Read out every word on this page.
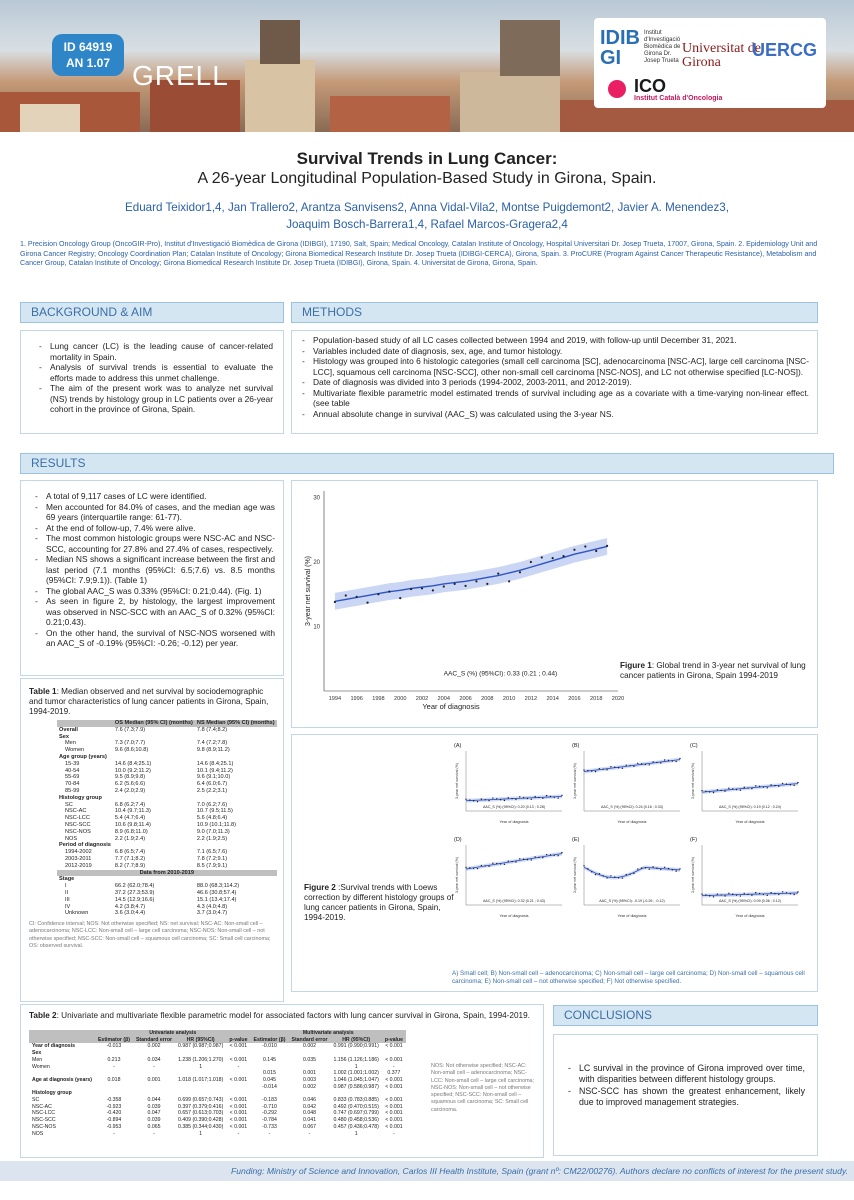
ID 64919
AN 1.07 GRELL
IDIB GI
Institut d'Investigació Biomèdica de Girona Dr. Josep Trueta
Universitat de Girona
UERCG
ICO
Institut Català d'Oncologia
Survival Trends in Lung Cancer:
A 26-year Longitudinal Population-Based Study in Girona, Spain.
Eduard Teixidor1,4, Jan Trallero2, Arantza Sanvisens2, Anna Vidal-Vila2, Montse Puigdemont2, Javier A. Menendez3,
Joaquim Bosch-Barrera1,4, Rafael Marcos-Gragera2,4
1. Precision Oncology Group (OncoGIR-Pro), Institut d'Investigació Biomèdica de Girona (IDIBGI), 17190, Salt, Spain; Medical Oncology, Catalan Institute of Oncology, Hospital Universitari Dr. Josep Trueta, 17007, Girona, Spain. 2. Epidemiology Unit and Girona Cancer Registry; Oncology Coordination Plan; Catalan Institute of Oncology; Girona Biomedical Research Institute Dr. Josep Trueta (IDIBGI-CERCA), Girona, Spain. 3. ProCURE (Program Against Cancer Therapeutic Resistance), Metabolism and Cancer Group, Catalan Institute of Oncology; Girona Biomedical Research Institute Dr. Josep Trueta (IDIBGI), Girona, Spain. 4. Universitat de Girona, Girona, Spain.
BACKGROUND & AIM
- Lung cancer (LC) is the leading cause of cancer-related mortality in Spain.
- Analysis of survival trends is essential to evaluate the efforts made to address this unmet challenge.
- The aim of the present work was to analyze net survival (NS) trends by histology group in LC patients over a 26-year cohort in the province of Girona, Spain.
METHODS
- Population-based study of all LC cases collected between 1994 and 2019, with follow-up until December 31, 2021.
- Variables included date of diagnosis, sex, age, and tumor histology.
- Histology was grouped into 6 histologic categories (small cell carcinoma [SC], adenocarcinoma [NSC-AC], large cell carcinoma [NSC-LCC], squamous cell carcinoma [NSC-SCC], other non-small cell carcinoma [NSC-NOS], and LC not otherwise specified [LC-NOS]).
- Date of diagnosis was divided into 3 periods (1994-2002, 2003-2011, and 2012-2019).
- Multivariate flexible parametric model estimated trends of survival including age as a covariate with a time-varying non-linear effect. (see table
- Annual absolute change in survival (AAC_S) was calculated using the 3-year NS.
RESULTS
- A total of 9,117 cases of LC were identified.
- Men accounted for 84.0% of cases, and the median age was 69 years (interquartile range: 61-77).
- At the end of follow-up, 7.4% were alive.
- The most common histologic groups were NSC-AC and NSC-SCC, accounting for 27.8% and 27.4% of cases, respectively.
- Median NS shows a significant increase between the first and last period (7.1 months (95%CI: 6.5;7.6) vs. 8.5 months (95%CI: 7.9;9.1)). (Table 1)
- The global AAC_S was 0.33% (95%CI: 0.21;0.44). (Fig. 1)
- As seen in figure 2, by histology, the largest improvement was observed in NSC-SCC with an AAC_S of 0.32% (95%CI: 0.21;0.43).
- On the other hand, the survival of NSC-NOS worsened with an AAC_S of -0.19% (95%CI: -0.26; -0.12) per year.
Table 1: Median observed and net survival by sociodemographic and tumor characteristics of lung cancer patients in Girona, Spain, 1994-2019.
	OS Median (95% CI) (months)	NS Median (95% CI) (months)
Overall	7.6 (7.3;7.9)	7.8 (7.4;8.2)
Sex		
Men	7.3 (7.0;7.7)	7.4 (7.2;7.8)
Women	9.6 (8.6;10.8)	9.8 (8.9;11.2)
Age group (years)		
15-39	14.6 (8.4;25.1)	14.6 (8.4;25.1)
40-54	10.0 (9.2;11.2)	10.1 (9.4;11.2)
55-69	9.5 (8.9;9.8)	9.6 (9.1;10.0)
70-84	6.2 (5.6;6.6)	6.4 (6.0;6.7)
85-99	2.4 (2.0;2.9)	2.5 (2.2;3.1)
Histology group		
SC	6.8 (6.2;7.4)	7.0 (6.2;7.6)
NSC-AC	10.4 (9.7;11.3)	10.7 (9.5;11.5)
NSC-LCC	5.4 (4.7;6.4)	5.6 (4.8;6.4)
NSC-SCC	10.6 (9.8;11.4)	10.9 (10.1;11.8)
NSC-NOS	8.9 (6.8;11.0)	9.0 (7.0;11.3)
NOS	2.2 (1.9;2.4)	2.2 (1.9;2.5)
Period of diagnosis		
1994-2002	6.8 (6.5;7.4)	7.1 (6.5;7.6)
2003-2011	7.7 (7.1;8.2)	7.8 (7.2;9.1)
2012-2019	8.2 (7.7;8.9)	8.5 (7.9;9.1)
Data from 2010-2019		
Stage		
I	66.2 (62.0;78.4)	88.0 (68.3;114.2)
II	37.2 (27.3;53.9)	46.6 (30.8;57.4)
III	14.5 (12.9;16.6)	15.1 (13.4;17.4)
IV	4.2 (3.8;4.7)	4.3 (4.0;4.8)
Unknown	3.6 (3.0;4.4)	3.7 (3.0;4.7)
CI: Confidence interval; NOS: Not otherwise specified; NS: net survival; NSC-AC: Non-small cell – adenocarcinoma; NSC-LCC: Non-small cell – large cell carcinoma; NSC-NOS: Non-small cell – not otherwise specified; NSC-SCC: Non-small cell – squamous cell carcinoma; SC: Small cell carcinoma; OS: observed survival.
10
20
30
1994 1996 1998 2000 2002 2004 2006 2008 2010 2012 2014 2016 2018 2020
Year of diagnosis
3-year net survival (%)
AAC_S (%) (95%CI): 0.33 (0.21 ; 0.44)
Figure 1: Global trend in 3-year net survival of lung cancer patients in Girona, Spain 1994-2019
(A)
3-year net survival (%)
Year of diagnosis
AAC_S (%) (95%CI): 0.20 (0.13 ; 0.28)
(B)
3-year net survival (%)
Year of diagnosis
AAC_S (%) (95%CI): 0.24 (0.16 ; 0.33)
(C)
3-year net survival (%)
Year of diagnosis
AAC_S (%) (95%CI): 0.19 (0.12 ; 0.24)
(D)
3-year net survival (%)
Year of diagnosis
AAC_S (%) (95%CI): 0.32 (0.21 ; 0.43)
(E)
3-year net survival (%)
Year of diagnosis
AAC_S (%) (95%CI): -0.19 (-0.26 ; -0.12)
(F)
3-year net survival (%)
Year of diagnosis
AAC_S (%) (95%CI): 0.09 (0.06 ; 0.12)
Figure 2 :Survival trends with Loews correction by different histology groups of lung cancer patients in Girona, Spain, 1994-2019.
A) Small cell; B) Non-small cell – adenocarcinoma; C) Non-small cell – large cell carcinoma; D) Non-small cell – squamous cell carcinoma; E) Non-small cell – not otherwise specified; F) Not otherwise specified.
Table 2: Univariate and multivariate flexible parametric model for associated factors with lung cancer survival in Girona, Spain, 1994-2019.
	Univariate analysis				Multivariate analysis			
	Estimator (β)	Standard error	HR (95%CI)	p-value	Estimator (β)	Standard error	HR (95%CI)	p-value
Year of diagnosis	-0.013	0.002	0.987 (0.987;0.987)	< 0.001	-0.010	0.002	0.991 (0.990;0.991)	< 0.001
Sex								
Men	0.213	0.034	1.238 (1.206;1.270)	< 0.001	0.145	0.035	1.156 (1.126;1.186)	< 0.001
Women	-	-	1	-			1	-
					0.015	0.001	1.002 (1.001;1.002)	0.377
Age at diagnosis (years)	0.018	0.001	1.018 (1.017;1.018)	< 0.001	0.045	0.003	1.046 (1.045;1.047)	< 0.001
					-0.014	0.002	0.987 (0.586;0.987)	< 0.001
Histology group								
SC	-0.358	0.044	0.699 (0.657;0.743)	< 0.001	-0.183	0.046	0.833 (0.783;0.885)	< 0.001
NSC-AC	-0.923	0.039	0.397 (0.379;0.416)	< 0.001	-0.710	0.042	0.492 (0.470;0.515)	< 0.001
NSC-LCC	-0.420	0.047	0.657 (0.613;0.703)	< 0.001	-0.292	0.048	0.747 (0.697;0.799)	< 0.001
NSC-SCC	-0.894	0.039	0.409 (0.390;0.428)	< 0.001	-0.784	0.041	0.480 (0.458;0.536)	< 0.001
NSC-NOS	-0.953	0.065	0.385 (0.344;0.430)	< 0.001	-0.733	0.067	0.457 (0.436;0.478)	< 0.001
NOS	-	-	1	-	-	-	1	-
NOS: Not otherwise specified; NSC-AC: Non-small cell – adenocarcinoma; NSC-LCC: Non-small cell – large cell carcinoma; NSC-NOS: Non-small cell – not otherwise specified; NSC-SCC: Non-small cell – squamous cell carcinoma; SC: Small cell carcinoma.
CONCLUSIONS
- LC survival in the province of Girona improved over time, with disparities between different histology groups.
- NSC-SCC has shown the greatest enhancement, likely due to improved management strategies.
Funding: Ministry of Science and Innovation, Carlos III Health Institute, Spain (grant nº: CM22/00276). Authors declare no conflicts of interest for the present study.
